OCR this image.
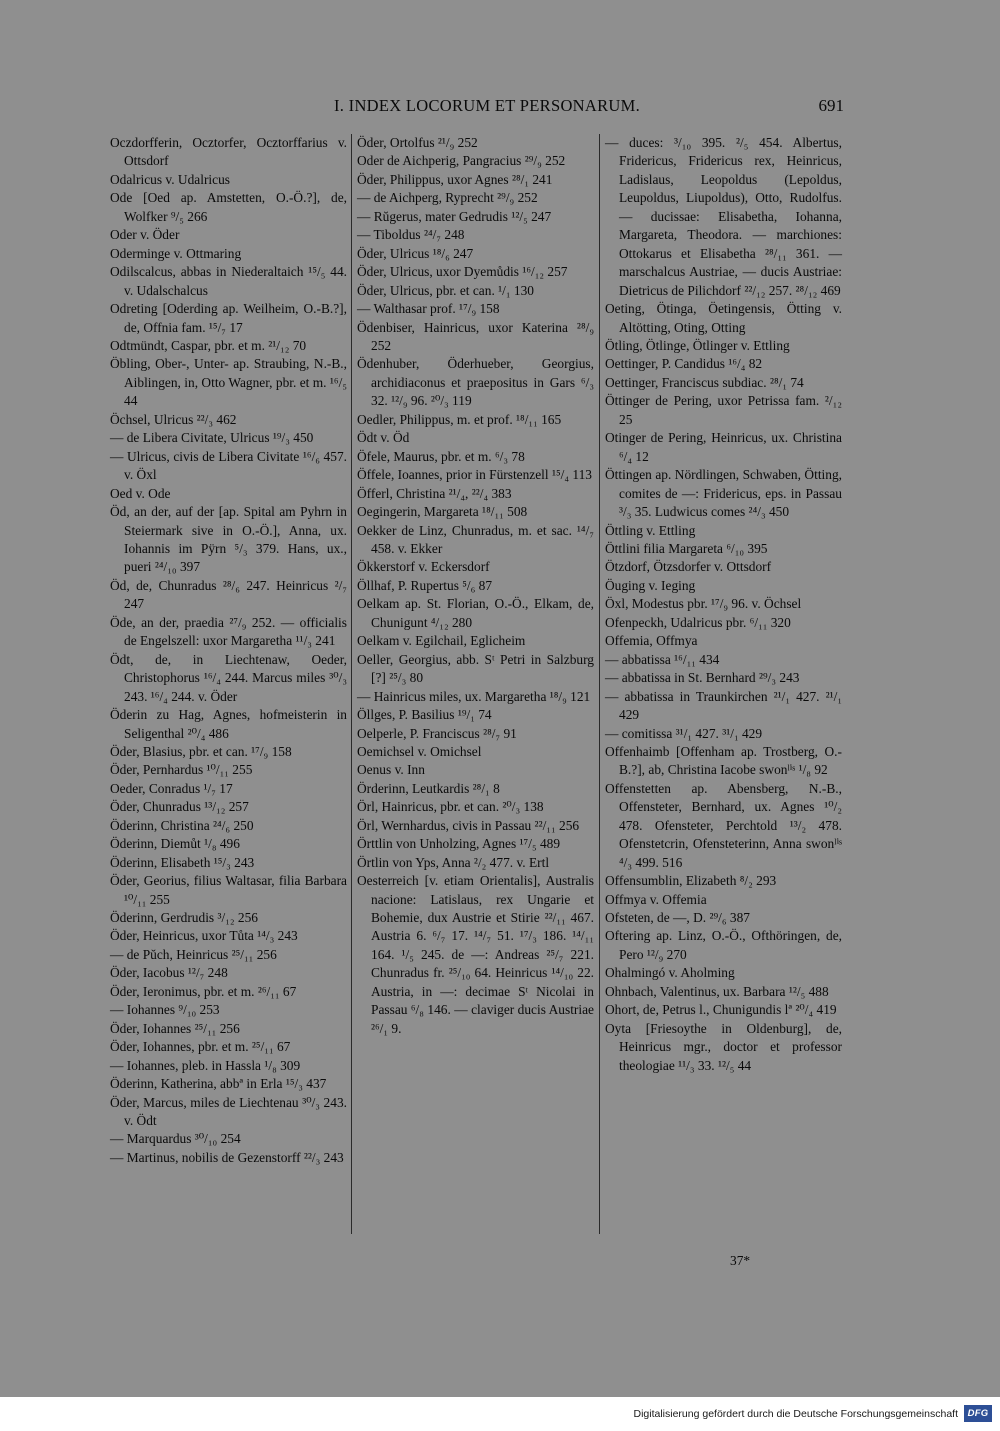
I. INDEX LOCORUM ET PERSONARUM.	691
Oczdorfferin, Ocztorfer, Ocztorffarius v. Ottsdorf
Odalricus v. Udalricus
Ode [Oed ap. Amstetten, O.-Ö.?], de, Wolfker ⁹/₅ 266
Oder v. Öder
Oderminge v. Ottmaring
Odilscalcus, abbas in Niederaltaich ¹⁵/₅ 44. v. Udalschalcus
Odreting [Oderding ap. Weilheim, O.-B.?], de, Offnia fam. ¹⁵/₇ 17
Odtmündt, Caspar, pbr. et m. ²¹/₁₂ 70
Öbling, Ober-, Unter- ap. Straubing, N.-B., Aiblingen, in, Otto Wagner, pbr. et m. ¹⁶/₅ 44
Öchsel, Ulricus ²²/₃ 462
— de Libera Civitate, Ulricus ¹⁹/₃ 450
— Ulricus, civis de Libera Civitate ¹⁶/₆ 457. v. Öxl
Oed v. Ode
Öd, an der, auf der [ap. Spital am Pyhrn in Steiermark sive in O.-Ö.], Anna, ux. Iohannis im Pÿrn ⁵/₃ 379. Hans, ux., pueri ²⁴/₁₀ 397
Öd, de, Chunradus ²⁸/₆ 247. Heinricus ²/₇ 247
Öde, an der, praedia ²⁷/₉ 252. — officialis de Engelszell: uxor Margaretha ¹¹/₃ 241
Ödt, de, in Liechtenaw, Oeder, Christophorus ¹⁶/₄ 244. Marcus miles ³⁰/₃ 243. ¹⁶/₄ 244. v. Öder
Öderin zu Hag, Agnes, hofmeisterin in Seligenthal ²⁰/₄ 486
Öder, Blasius, pbr. et can. ¹⁷/₉ 158
Öder, Pernhardus ¹⁰/₁₁ 255
Oeder, Conradus ¹/₇ 17
Öder, Chunradus ¹³/₁₂ 257
Öderinn, Christina ²⁴/₆ 250
Öderinn, Diemůt ¹/₈ 496
Öderinn, Elisabeth ¹⁵/₃ 243
Öder, Georius, filius Waltasar, filia Barbara ¹⁰/₁₁ 255
Öderinn, Gerdrudis ³/₁₂ 256
Öder, Heinricus, uxor Tůta ¹⁴/₃ 243
— de Pŭch, Heinricus ²⁵/₁₁ 256
Öder, Iacobus ¹²/₇ 248
Öder, Ieronimus, pbr. et m. ²⁶/₁₁ 67
— Iohannes ⁹/₁₀ 253
Öder, Iohannes ²⁵/₁₁ 256
Öder, Iohannes, pbr. et m. ²⁵/₁₁ 67
— Iohannes, pleb. in Hassla ¹/₈ 309
Öderinn, Katherina, abbª in Erla ¹⁵/₃ 437
Öder, Marcus, miles de Liechtenau ³⁰/₃ 243. v. Ödt
— Marquardus ³⁰/₁₀ 254
— Martinus, nobilis de Gezenstorff ²²/₃ 243
Öder, Ortolfus ²¹/₉ 252
Oder de Aichperig, Pangracius ²⁹/₉ 252
Öder, Philippus, uxor Agnes ²⁸/₁ 241
— de Aichperg, Ryprecht ²⁹/₉ 252
— Rŭgerus, mater Gedrudis ¹²/₅ 247
— Tiboldus ²⁴/₇ 248
Öder, Ulricus ¹⁸/₆ 247
Öder, Ulricus, uxor Dyemůdis ¹⁶/₁₂ 257
Öder, Ulricus, pbr. et can. ¹/₁ 130
— Walthasar prof. ¹⁷/₉ 158
Ödenbiser, Hainricus, uxor Katerina ²⁸/₉ 252
Ödenhuber, Öderhueber, Georgius, archidiaconus et praepositus in Gars ⁶/₃ 32. ¹²/₉ 96. ²⁰/₃ 119
Oedler, Philippus, m. et prof. ¹⁸/₁₁ 165
Ödt v. Öd
Öfele, Maurus, pbr. et m. ⁶/₃ 78
Öffele, Ioannes, prior in Fürstenzell ¹⁵/₄ 113
Öfferl, Christina ²¹/₄, ²²/₄ 383
Oegingerin, Margareta ¹⁸/₁₁ 508
Oekker de Linz, Chunradus, m. et sac. ¹⁴/₇ 458. v. Ekker
Ökkerstorf v. Eckersdorf
Öllhaf, P. Rupertus ⁵/₆ 87
Oelkam ap. St. Florian, O.-Ö., Elkam, de, Chunigunt ⁴/₁₂ 280
Oelkam v. Egilchail, Eglicheim
Oeller, Georgius, abb. Sᵗ Petri in Salzburg [?] ²⁵/₃ 80
— Hainricus miles, ux. Margaretha ¹⁸/₉ 121
Öllges, P. Basilius ¹⁹/₁ 74
Oelperle, P. Franciscus ²⁸/₇ 91
Oemichsel v. Omichsel
Oenus v. Inn
Örderinn, Leutkardis ²⁸/₁ 8
Örl, Hainricus, pbr. et can. ²⁰/₃ 138
Örl, Wernhardus, civis in Passau ²²/₁₁ 256
Örttlin von Unholzing, Agnes ¹⁷/₅ 489
Örtlin von Yps, Anna ²/₂ 477. v. Ertl
Oesterreich [v. etiam Orientalis], Australis nacione: Latislaus, rex Ungarie et Bohemie, dux Austrie et Stirie ²²/₁₁ 467. Austria 6. ⁶/₇ 17. ¹⁴/₇ 51. ¹⁷/₃ 186. ¹⁴/₁₁ 164. ¹/₅ 245. de —: Andreas ²⁵/₇ 221. Chunradus fr. ²⁵/₁₀ 64. Heinricus ¹⁴/₁₀ 22. Austria, in —: decimae Sᵗ Nicolai in Passau ⁶/₈ 146. — claviger ducis Austriae ²⁶/₁ 9.
— duces: ³/₁₀ 395. ²/₅ 454. Albertus, Fridericus, Fridericus rex, Heinricus, Ladislaus, Leopoldus (Lepoldus, Leupoldus, Liupoldus), Otto, Rudolfus. — ducissae: Elisabetha, Iohanna, Margareta, Theodora. — marchiones: Ottokarus et Elisabetha ²⁸/₁₁ 361. — marschalcus Austriae, — ducis Austriae: Dietricus de Pilichdorf ²²/₁₂ 257. ²⁸/₁₂ 469
Oeting, Ötinga, Öetingensis, Ötting v. Altötting, Oting, Otting
Ötling, Ötlinge, Ötlinger v. Ettling
Oettinger, P. Candidus ¹⁶/₄ 82
Oettinger, Franciscus subdiac. ²⁸/₁ 74
Öttinger de Pering, uxor Petrissa fam. ²/₁₂ 25
Otinger de Pering, Heinricus, ux. Christina ⁶/₄ 12
Öttingen ap. Nördlingen, Schwaben, Ötting, comites de —: Fridericus, eps. in Passau ³/₃ 35. Ludwicus comes ²⁴/₃ 450
Öttling v. Ettling
Öttlini filia Margareta ⁶/₁₀ 395
Ötzdorf, Ötzsdorfer v. Ottsdorf
Öuging v. Ieging
Öxl, Modestus pbr. ¹⁷/₉ 96. v. Öchsel
Ofenpeckh, Udalricus pbr. ⁶/₁₁ 320
Offemia, Offmya
— abbatissa ¹⁶/₁₁ 434
— abbatissa in St. Bernhard ²⁹/₃ 243
— abbatissa in Traunkirchen ²¹/₁ 427. ²¹/₁ 429
— comitissa ³¹/₁ 427. ³¹/₁ 429
Offenhaimb [Offenham ap. Trostberg, O.-B.?], ab, Christina Iacobe swonˡⁱˢ ¹/₈ 92
Offenstetten ap. Abensberg, N.-B., Offensteter, Bernhard, ux. Agnes ¹⁰/₂ 478. Ofensteter, Perchtold ¹³/₂ 478. Ofenstetcrin, Ofensteterinn, Anna swonˡⁱˢ ⁴/₃ 499. 516
Offensumblin, Elizabeth ⁸/₂ 293
Offmya v. Offemia
Ofsteten, de —, D. ²⁹/₆ 387
Oftering ap. Linz, O.-Ö., Ofthöringen, de, Pero ¹²/₉ 270
Ohalmingó v. Aholming
Ohnbach, Valentinus, ux. Barbara ¹²/₅ 488
Ohort, de, Petrus l., Chunigundis lª ²⁰/₄ 419
Oyta [Friesoythe in Oldenburg], de, Heinricus mgr., doctor et professor theologiae ¹¹/₃ 33. ¹²/₅ 44
37*
Digitalisierung gefördert durch die Deutsche Forschungsgemeinschaft	DFG
